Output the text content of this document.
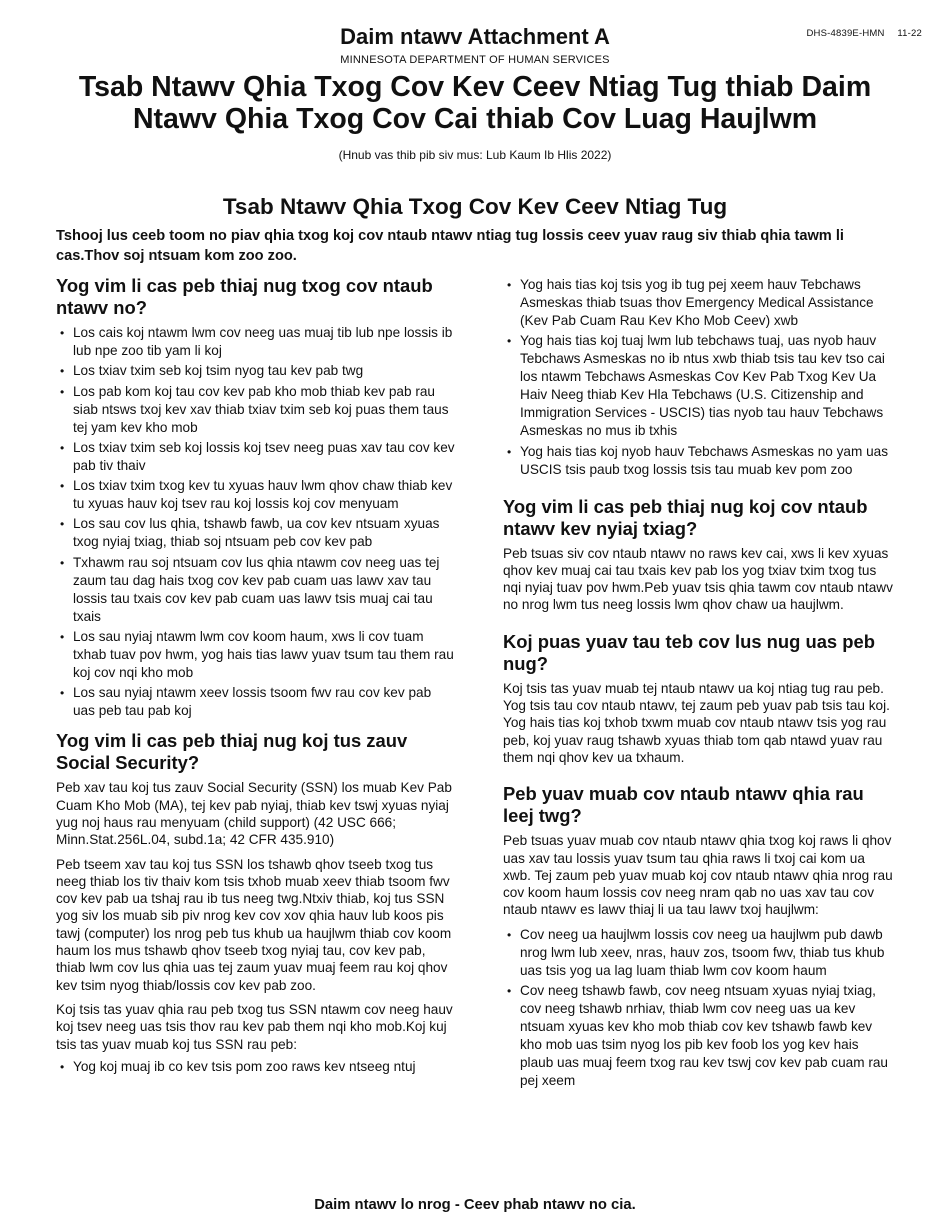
DHS-4839E-HMN 11-22
Daim ntawv Attachment A
MINNESOTA DEPARTMENT OF HUMAN SERVICES
Tsab Ntawv Qhia Txog Cov Kev Ceev Ntiag Tug thiab Daim
Ntawv Qhia Txog Cov Cai thiab Cov Luag Haujlwm
(Hnub vas thib pib siv mus: Lub Kaum Ib Hlis 2022)
Tsab Ntawv Qhia Txog Cov Kev Ceev Ntiag Tug
Tshooj lus ceeb toom no piav qhia txog koj cov ntaub ntawv ntiag tug lossis ceev yuav raug siv thiab qhia tawm li cas.Thov soj ntsuam kom zoo zoo.
Yog vim li cas peb thiaj nug txog cov ntaub ntawv no?
• Los cais koj ntawm lwm cov neeg uas muaj tib lub npe lossis ib lub npe zoo tib yam li koj
• Los txiav txim seb koj tsim nyog tau kev pab twg
• Los pab kom koj tau cov kev pab kho mob thiab kev pab rau siab ntsws txoj kev xav thiab txiav txim seb koj puas them taus tej yam kev kho mob
• Los txiav txim seb koj lossis koj tsev neeg puas xav tau cov kev pab tiv thaiv
• Los txiav txim txog kev tu xyuas hauv lwm qhov chaw thiab kev tu xyuas hauv koj tsev rau koj lossis koj cov menyuam
• Los sau cov lus qhia, tshawb fawb, ua cov kev ntsuam xyuas txog nyiaj txiag, thiab soj ntsuam peb cov kev pab
• Txhawm rau soj ntsuam cov lus qhia ntawm cov neeg uas tej zaum tau dag hais txog cov kev pab cuam uas lawv xav tau lossis tau txais cov kev pab cuam uas lawv tsis muaj cai tau txais
• Los sau nyiaj ntawm lwm cov koom haum, xws li cov tuam txhab tuav pov hwm, yog hais tias lawv yuav tsum tau them rau koj cov nqi kho mob
• Los sau nyiaj ntawm xeev lossis tsoom fwv rau cov kev pab uas peb tau pab koj
Yog vim li cas peb thiaj nug koj tus zauv Social Security?

Peb xav tau koj tus zauv Social Security (SSN) los muab Kev Pab Cuam Kho Mob (MA), tej kev pab nyiaj, thiab kev tswj xyuas nyiaj yug noj haus rau menyuam (child support) (42 USC 666; Minn.Stat.256L.04, subd.1a; 42 CFR 435.910)

Peb tseem xav tau koj tus SSN los tshawb qhov tseeb txog tus neeg thiab los tiv thaiv kom tsis txhob muab xeev thiab tsoom fwv cov kev pab ua tshaj rau ib tus neeg twg.Ntxiv thiab, koj tus SSN yog siv los muab sib piv nrog kev cov xov qhia hauv lub koos pis tawj (computer) los nrog peb tus khub ua haujlwm thiab cov koom haum los mus tshawb qhov tseeb txog nyiaj tau, cov kev pab, thiab lwm cov lus qhia uas tej zaum yuav muaj feem rau koj qhov kev tsim nyog thiab/lossis cov kev pab zoo.

Koj tsis tas yuav qhia rau peb txog tus SSN ntawm cov neeg hauv koj tsev neeg uas tsis thov rau kev pab them nqi kho mob.Koj kuj tsis tas yuav muab koj tus SSN rau peb:

• Yog koj muaj ib co kev tsis pom zoo raws kev ntseeg ntuj
• Yog hais tias koj tsis yog ib tug pej xeem hauv Tebchaws Asmeskas thiab tsuas thov Emergency Medical Assistance (Kev Pab Cuam Rau Kev Kho Mob Ceev) xwb
• Yog hais tias koj tuaj lwm lub tebchaws tuaj, uas nyob hauv Tebchaws Asmeskas no ib ntus xwb thiab tsis tau kev tso cai los ntawm Tebchaws Asmeskas Cov Kev Pab Txog Kev Ua Haiv Neeg thiab Kev Hla Tebchaws (U.S. Citizenship and Immigration Services - USCIS) tias nyob tau hauv Tebchaws Asmeskas no mus ib txhis
• Yog hais tias koj nyob hauv Tebchaws Asmeskas no yam uas USCIS tsis paub txog lossis tsis tau muab kev pom zoo
Yog vim li cas peb thiaj nug koj cov ntaub ntawv kev nyiaj txiag?

Peb tsuas siv cov ntaub ntawv no raws kev cai, xws li kev xyuas qhov kev muaj cai tau txais kev pab los yog txiav txim txog tus nqi nyiaj tuav pov hwm.Peb yuav tsis qhia tawm cov ntaub ntawv no nrog lwm tus neeg lossis lwm qhov chaw ua haujlwm.

Koj puas yuav tau teb cov lus nug uas peb nug?

Koj tsis tas yuav muab tej ntaub ntawv ua koj ntiag tug rau peb. Yog tsis tau cov ntaub ntawv, tej zaum peb yuav pab tsis tau koj. Yog hais tias koj txhob txwm muab cov ntaub ntawv tsis yog rau peb, koj yuav raug tshawb xyuas thiab tom qab ntawd yuav rau them nqi qhov kev ua txhaum.

Peb yuav muab cov ntaub ntawv qhia rau leej twg?

Peb tsuas yuav muab cov ntaub ntawv qhia txog koj raws li qhov uas xav tau lossis yuav tsum tau qhia raws li txoj cai kom ua xwb. Tej zaum peb yuav muab koj cov ntaub ntawv qhia nrog rau cov koom haum lossis cov neeg nram qab no uas xav tau cov ntaub ntawv es lawv thiaj li ua tau lawv txoj haujlwm:

• Cov neeg ua haujlwm lossis cov neeg ua haujlwm pub dawb nrog lwm lub xeev, nras, hauv zos, tsoom fwv, thiab tus khub uas tsis yog ua lag luam thiab lwm cov koom haum
• Cov neeg tshawb fawb, cov neeg ntsuam xyuas nyiaj txiag, cov neeg tshawb nrhiav, thiab lwm cov neeg uas ua kev ntsuam xyuas kev kho mob thiab cov kev tshawb fawb kev kho mob uas tsim nyog los pib kev foob los yog kev hais plaub uas muaj feem txog rau kev tswj cov kev pab cuam rau pej xeem
Daim ntawv lo nrog - Ceev phab ntawv no cia.
